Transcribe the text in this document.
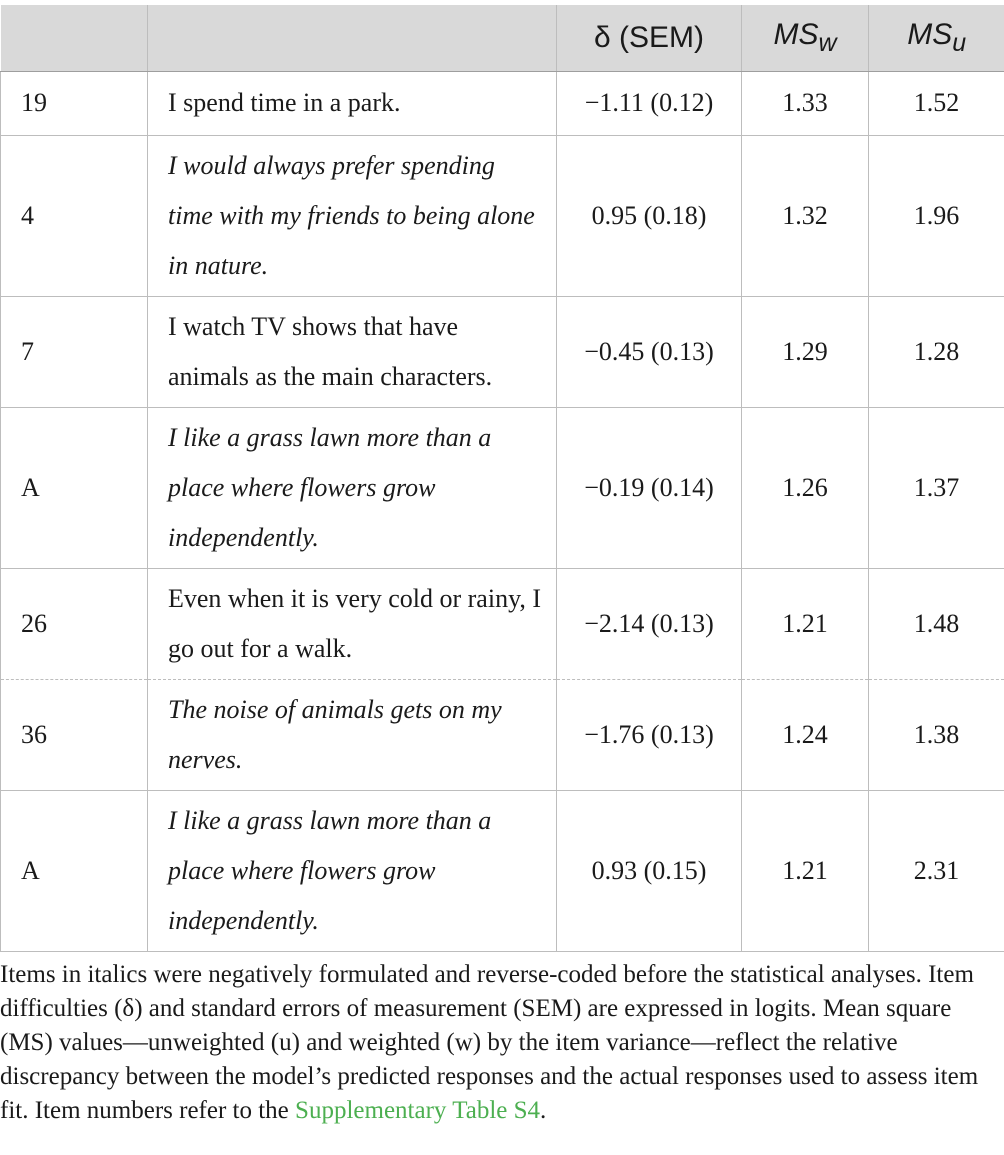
		δ (SEM)	$MS_w$	$MS_u$
19	I spend time in a park.	−1.11 (0.12)	1.33	1.52
4	I would always prefer spending time with my friends to being alone in nature.	0.95 (0.18)	1.32	1.96
7	I watch TV shows that have animals as the main characters.	−0.45 (0.13)	1.29	1.28
A	I like a grass lawn more than a place where flowers grow independently.	−0.19 (0.14)	1.26	1.37
26	Even when it is very cold or rainy, I go out for a walk.	−2.14 (0.13)	1.21	1.48
36	The noise of animals gets on my nerves.	−1.76 (0.13)	1.24	1.38
A	I like a grass lawn more than a place where flowers grow independently.	0.93 (0.15)	1.21	2.31
Items in italics were negatively formulated and reverse-coded before the statistical analyses. Item difficulties (δ) and standard errors of measurement (SEM) are expressed in logits. Mean square (MS) values—unweighted (u) and weighted (w) by the item variance—reflect the relative discrepancy between the model’s predicted responses and the actual responses used to assess item fit. Item numbers refer to the Supplementary Table S4.
